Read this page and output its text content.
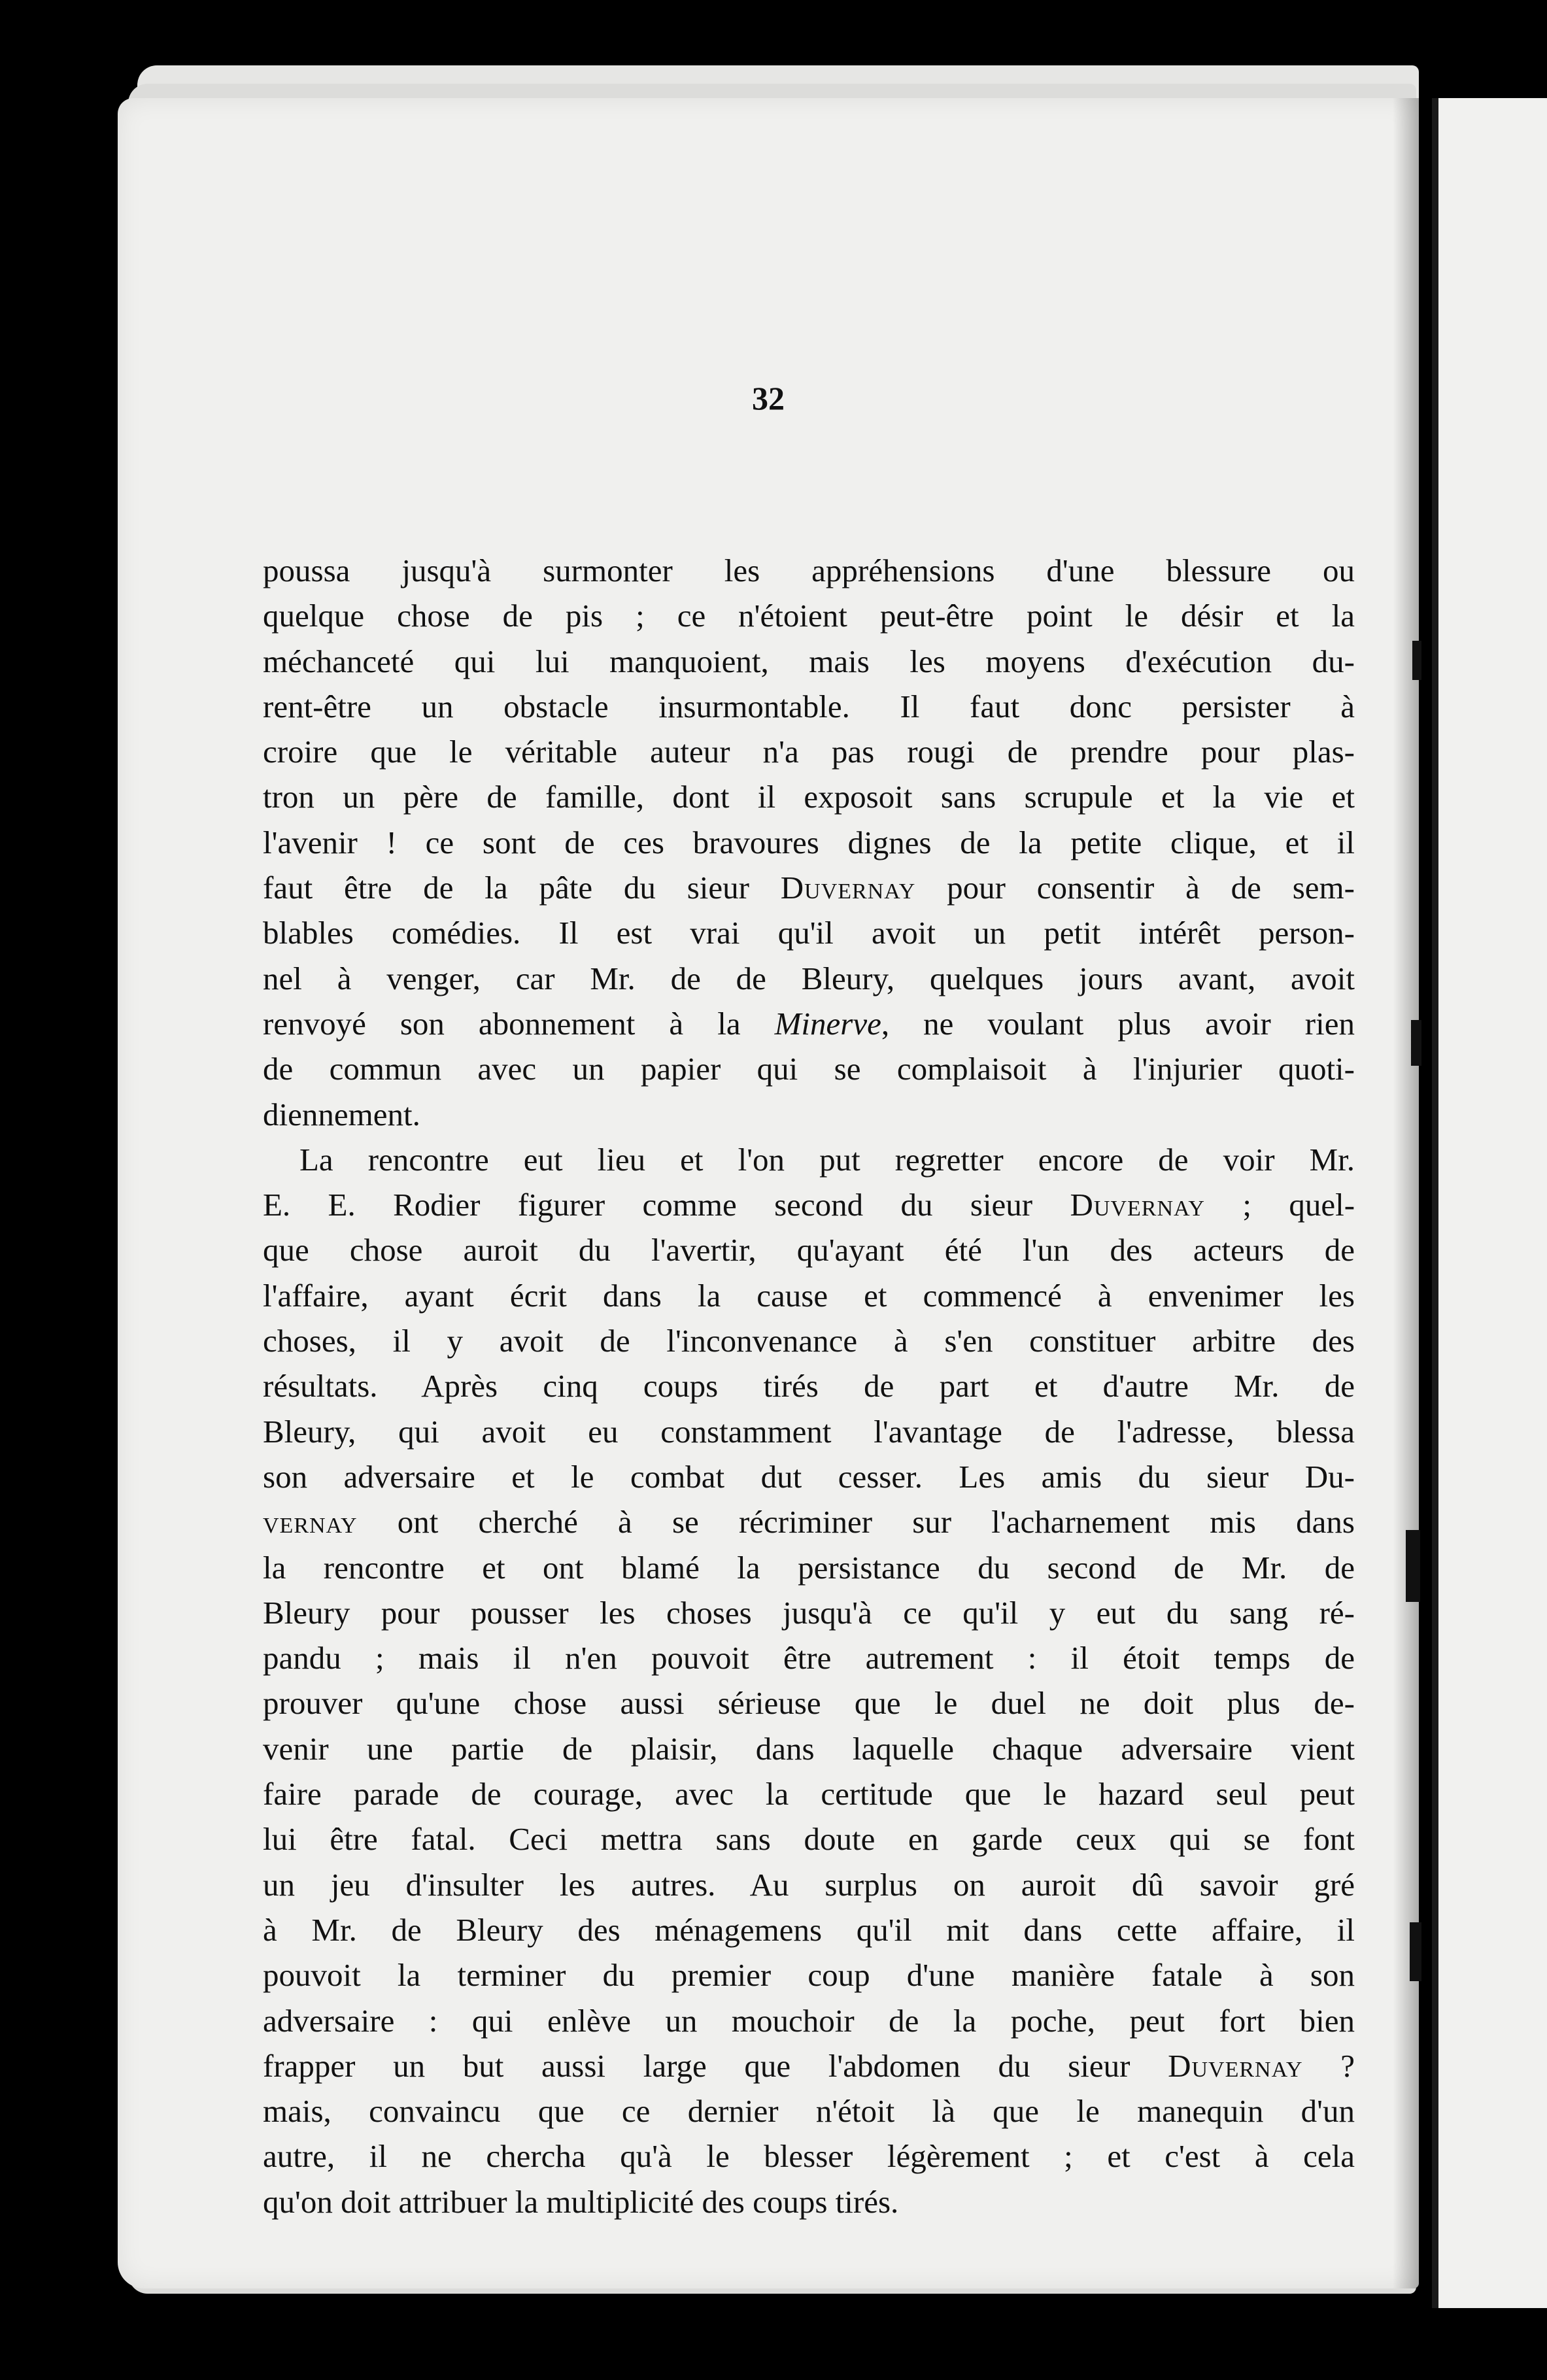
32
poussa jusqu'à surmonter les appréhensions d'une blessure ou
quelque chose de pis ; ce n'étoient peut-être point le désir et la
méchanceté qui lui manquoient, mais les moyens d'exécution du-
rent-être un obstacle insurmontable. Il faut donc persister à
croire que le véritable auteur n'a pas rougi de prendre pour plas-
tron un père de famille, dont il exposoit sans scrupule et la vie et
l'avenir ! ce sont de ces bravoures dignes de la petite clique, et il
faut être de la pâte du sieur Duvernay pour consentir à de sem-
blables comédies. Il est vrai qu'il avoit un petit intérêt person-
nel à venger, car Mr. de de Bleury, quelques jours avant, avoit
renvoyé son abonnement à la Minerve, ne voulant plus avoir rien
de commun avec un papier qui se complaisoit à l'injurier quoti-
diennement.
La rencontre eut lieu et l'on put regretter encore de voir Mr.
E. E. Rodier figurer comme second du sieur Duvernay ; quel-
que chose auroit du l'avertir, qu'ayant été l'un des acteurs de
l'affaire, ayant écrit dans la cause et commencé à envenimer les
choses, il y avoit de l'inconvenance à s'en constituer arbitre des
résultats. Après cinq coups tirés de part et d'autre Mr. de
Bleury, qui avoit eu constamment l'avantage de l'adresse, blessa
son adversaire et le combat dut cesser. Les amis du sieur Du-
vernay ont cherché à se récriminer sur l'acharnement mis dans
la rencontre et ont blamé la persistance du second de Mr. de
Bleury pour pousser les choses jusqu'à ce qu'il y eut du sang ré-
pandu ; mais il n'en pouvoit être autrement : il étoit temps de
prouver qu'une chose aussi sérieuse que le duel ne doit plus de-
venir une partie de plaisir, dans laquelle chaque adversaire vient
faire parade de courage, avec la certitude que le hazard seul peut
lui être fatal. Ceci mettra sans doute en garde ceux qui se font
un jeu d'insulter les autres. Au surplus on auroit dû savoir gré
à Mr. de Bleury des ménagemens qu'il mit dans cette affaire, il
pouvoit la terminer du premier coup d'une manière fatale à son
adversaire : qui enlève un mouchoir de la poche, peut fort bien
frapper un but aussi large que l'abdomen du sieur Duvernay ?
mais, convaincu que ce dernier n'étoit là que le manequin d'un
autre, il ne chercha qu'à le blesser légèrement ; et c'est à cela
qu'on doit attribuer la multiplicité des coups tirés.
